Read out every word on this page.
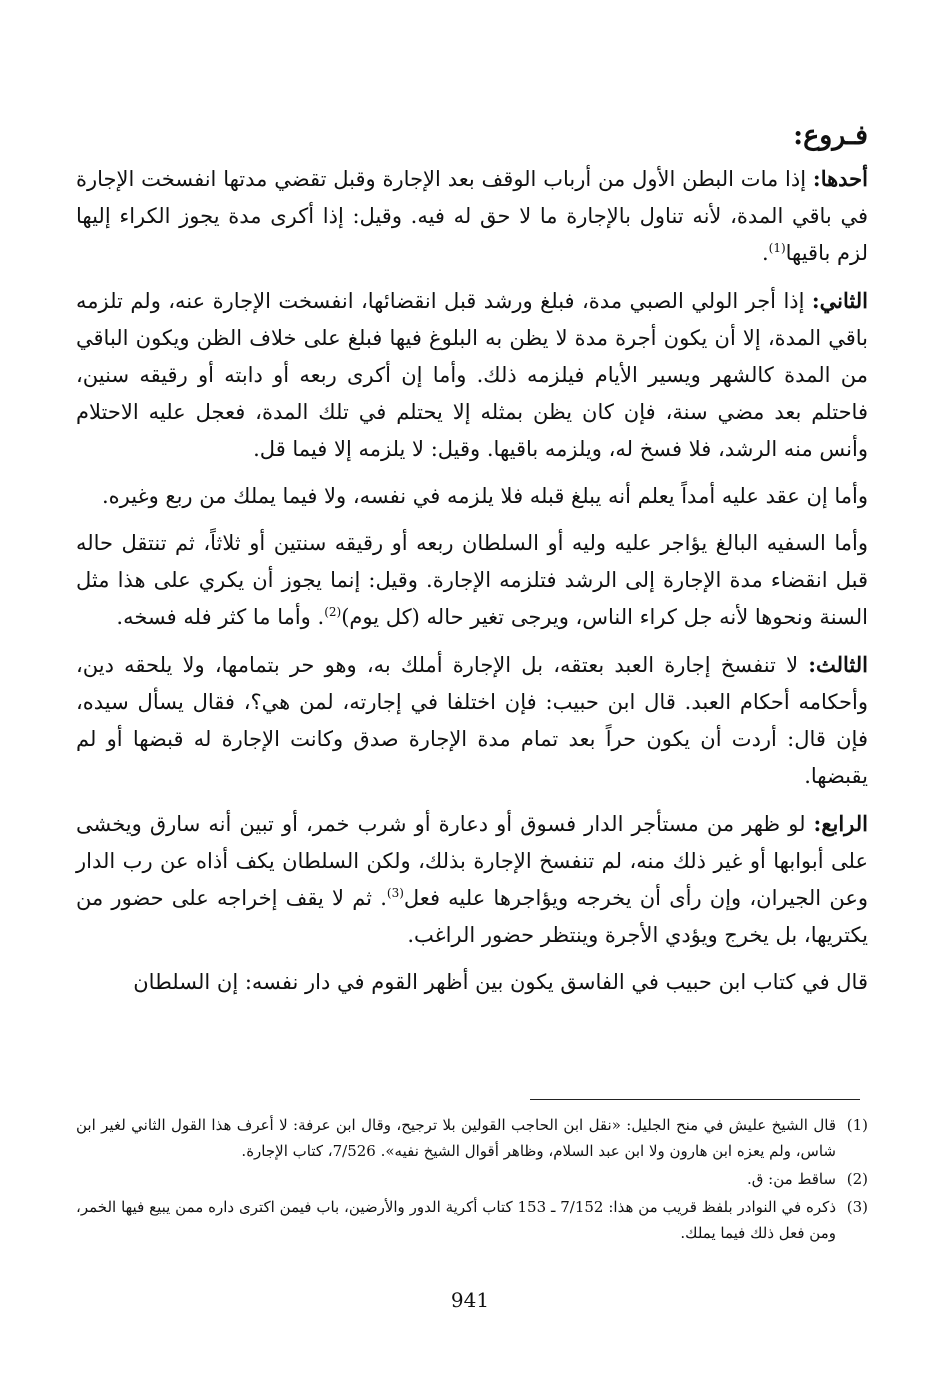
فـروع:

أحدها: إذا مات البطن الأول من أرباب الوقف بعد الإجارة وقبل تقضي مدتها انفسخت الإجارة في باقي المدة، لأنه تناول بالإجارة ما لا حق له فيه. وقيل: إذا أكرى مدة يجوز الكراء إليها لزم باقيها$^{(1)}$.

الثاني: إذا أجر الولي الصبي مدة، فبلغ ورشد قبل انقضائها، انفسخت الإجارة عنه، ولم تلزمه باقي المدة، إلا أن يكون أجرة مدة لا يظن به البلوغ فيها فبلغ على خلاف الظن ويكون الباقي من المدة كالشهر ويسير الأيام فيلزمه ذلك. وأما إن أكرى ربعه أو دابته أو رقيقه سنين، فاحتلم بعد مضي سنة، فإن كان يظن بمثله إلا يحتلم في تلك المدة، فعجل عليه الاحتلام وأنس منه الرشد، فلا فسخ له، ويلزمه باقيها. وقيل: لا يلزمه إلا فيما قل.

وأما إن عقد عليه أمداً يعلم أنه يبلغ قبله فلا يلزمه في نفسه، ولا فيما يملك من ربع وغيره.

وأما السفيه البالغ يؤاجر عليه وليه أو السلطان ربعه أو رقيقه سنتين أو ثلاثاً، ثم تنتقل حاله قبل انقضاء مدة الإجارة إلى الرشد فتلزمه الإجارة. وقيل: إنما يجوز أن يكري على هذا مثل السنة ونحوها لأنه جل كراء الناس، ويرجى تغير حاله (كل يوم)$^{(2)}$. وأما ما كثر فله فسخه.

الثالث: لا تنفسخ إجارة العبد بعتقه، بل الإجارة أملك به، وهو حر بتمامها، ولا يلحقه دين، وأحكامه أحكام العبد. قال ابن حبيب: فإن اختلفا في إجارته، لمن هي؟، فقال يسأل سيده، فإن قال: أردت أن يكون حراً بعد تمام مدة الإجارة صدق وكانت الإجارة له قبضها أو لم يقبضها.

الرابع: لو ظهر من مستأجر الدار فسوق أو دعارة أو شرب خمر، أو تبين أنه سارق ويخشى على أبوابها أو غير ذلك منه، لم تنفسخ الإجارة بذلك، ولكن السلطان يكف أذاه عن رب الدار وعن الجيران، وإن رأى أن يخرجه ويؤاجرها عليه فعل$^{(3)}$. ثم لا يقف إخراجه على حضور من يكتريها، بل يخرج ويؤدي الأجرة وينتظر حضور الراغب.

قال في كتاب ابن حبيب في الفاسق يكون بين أظهر القوم في دار نفسه: إن السلطان

(1)
قال الشيخ عليش في منح الجليل: «نقل ابن الحاجب القولين بلا ترجيح، وقال ابن عرفة: لا أعرف هذا القول الثاني لغير ابن شاس، ولم يعزه ابن هارون ولا ابن عبد السلام، وظاهر أقوال الشيخ نفيه». 7/526، كتاب الإجارة.
(2)
ساقط من: ق.
(3)
ذكره في النوادر بلفظ قريب من هذا: 7/152 ـ 153 كتاب أكرية الدور والأرضين، باب فيمن اكترى داره ممن يبيع فيها الخمر، ومن فعل ذلك فيما يملك.
941
